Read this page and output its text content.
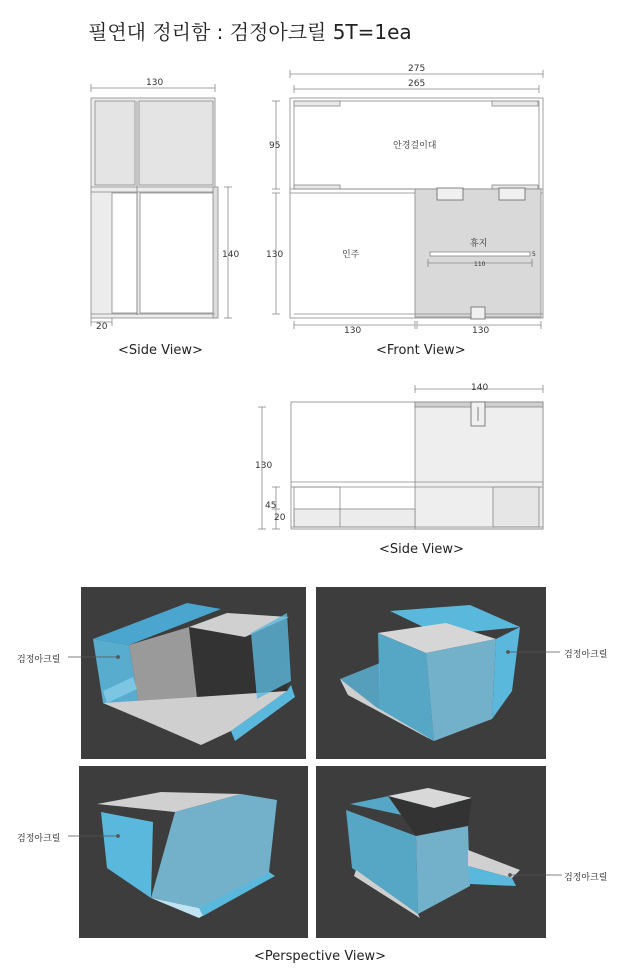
필연대 정리함 : 검정아크릴 5T=1ea
130
140
20
<Side View>
275
265
95
130
130	130
안경걸이대
인주
휴지
110
5
<Front View>
140
130
45
20
<Side View>
검정아크릴	검정아크릴
검정아크릴
검정아크릴
<Perspective View>
